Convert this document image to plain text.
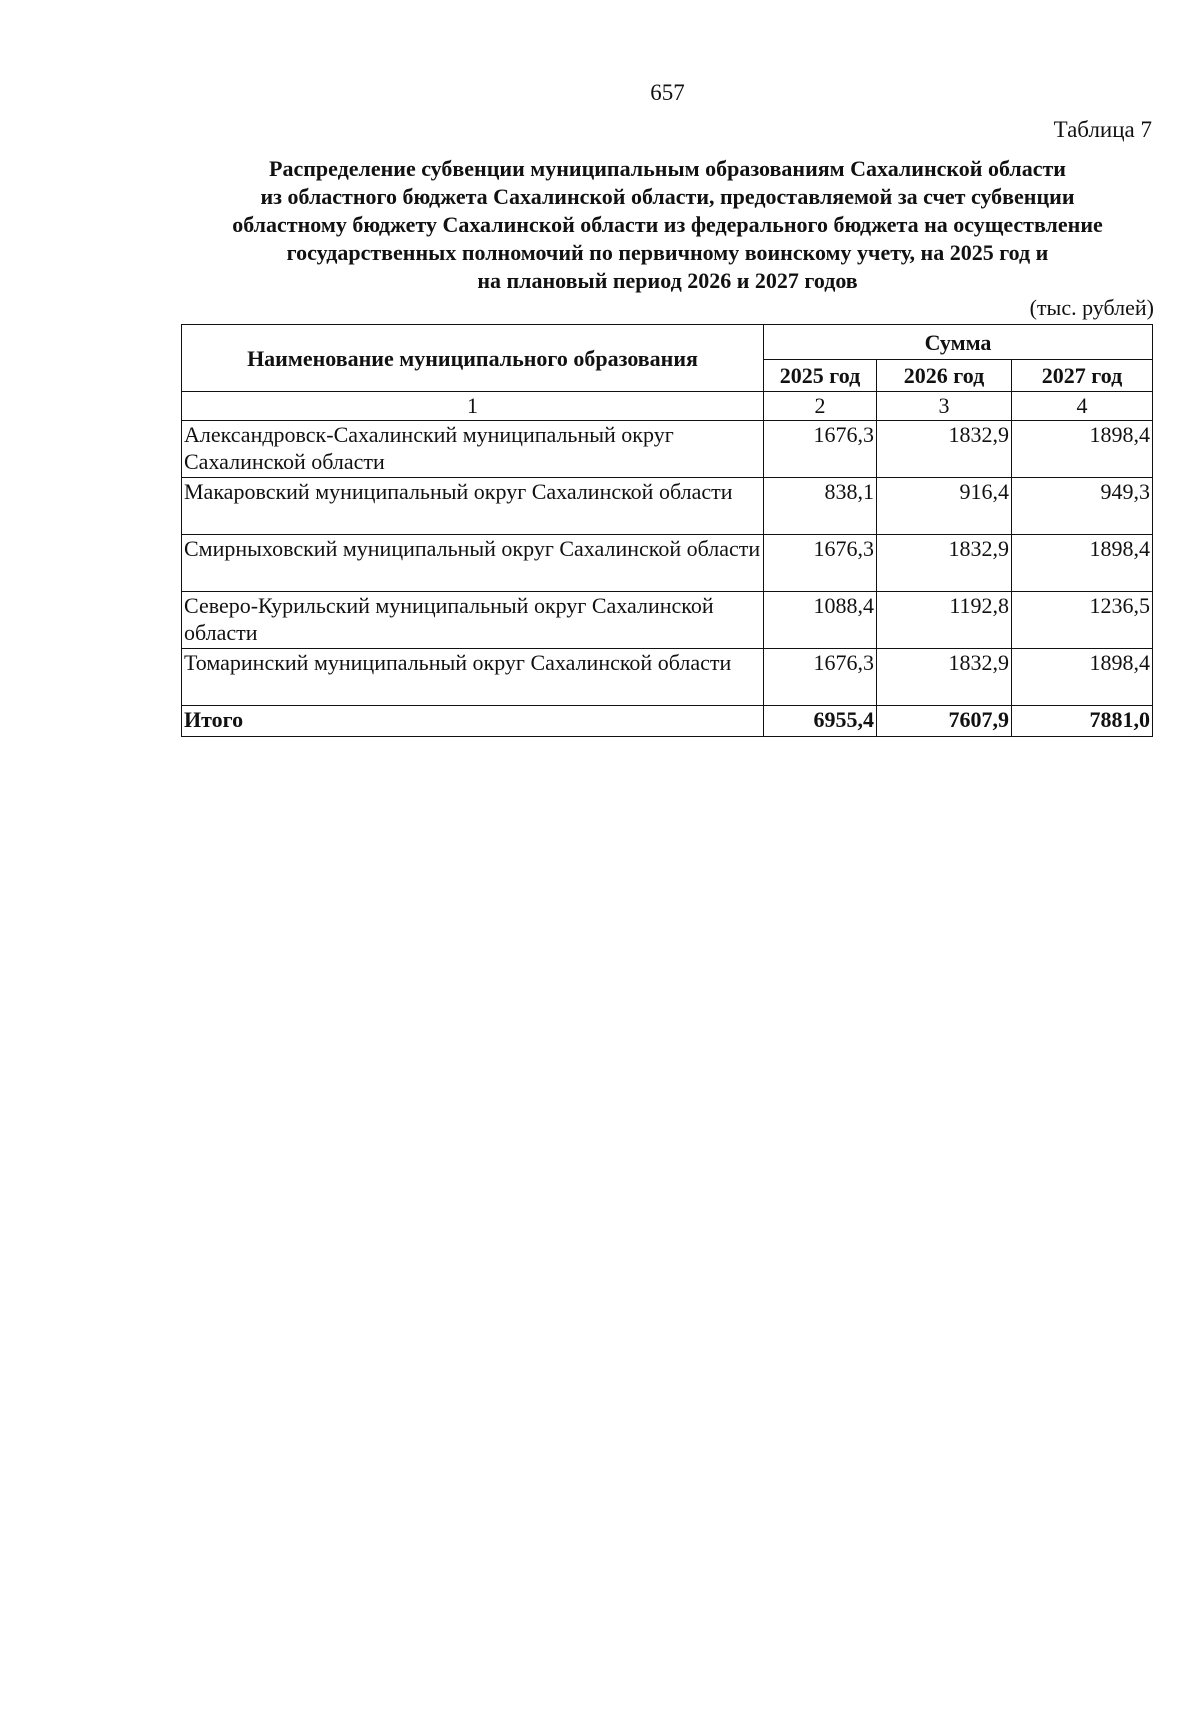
657
Таблица 7
Распределение субвенции муниципальным образованиям Сахалинской области
из областного бюджета Сахалинской области, предоставляемой за счет субвенции
областному бюджету Сахалинской области из федерального бюджета на осуществление
государственных полномочий по первичному воинскому учету, на 2025 год и
на плановый период 2026 и 2027 годов
(тыс. рублей)
Наименование муниципального образования	Сумма		
	2025 год	2026 год	2027 год
1	2	3	4
Александровск-Сахалинский муниципальный округ Сахалинской области	1676,3	1832,9	1898,4
Макаровский муниципальный округ Сахалинской области	838,1	916,4	949,3
Смирныховский муниципальный округ Сахалинской области	1676,3	1832,9	1898,4
Северо-Курильский муниципальный округ Сахалинской области	1088,4	1192,8	1236,5
Томаринский муниципальный округ Сахалинской области	1676,3	1832,9	1898,4
Итого	6955,4	7607,9	7881,0
